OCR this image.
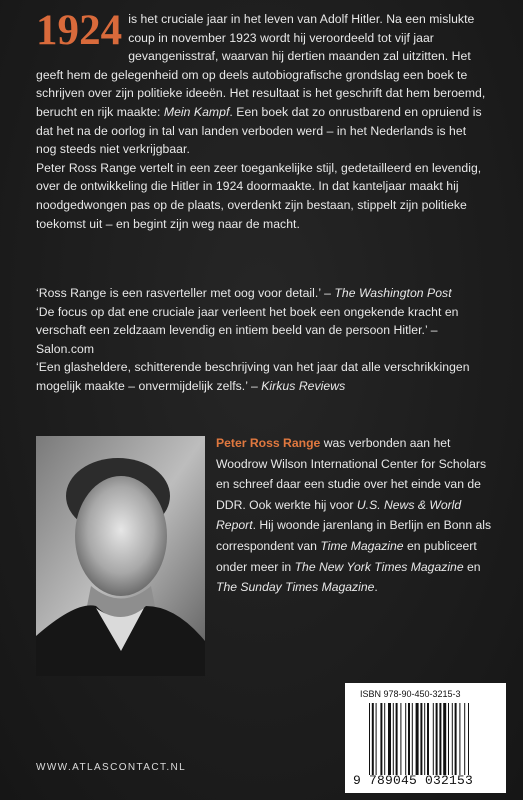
1924 is het cruciale jaar in het leven van Adolf Hitler. Na een mislukte coup in november 1923 wordt hij veroordeeld tot vijf jaar gevangenisstraf, waarvan hij dertien maanden zal uitzitten. Het geeft hem de gelegenheid om op deels autobiografische grondslag een boek te schrijven over zijn politieke ideeën. Het resultaat is het geschrift dat hem beroemd, berucht en rijk maakte: Mein Kampf. Een boek dat zo onrustbarend en opruiend is dat het na de oorlog in tal van landen verboden werd – in het Nederlands is het nog steeds niet verkrijgbaar.

Peter Ross Range vertelt in een zeer toegankelijke stijl, gedetailleerd en levendig, over de ontwikkeling die Hitler in 1924 doormaakte. In dat kanteljaar maakt hij noodgedwongen pas op de plaats, overdenkt zijn bestaan, stippelt zijn politieke toekomst uit – en begint zijn weg naar de macht.

‘Ross Range is een rasverteller met oog voor detail.’ – The Washington Post

‘De focus op dat ene cruciale jaar verleent het boek een ongekende kracht en verschaft een zeldzaam levendig en intiem beeld van de persoon Hitler.’ – Salon.com

‘Een glasheldere, schitterende beschrijving van het jaar dat alle verschrikkingen mogelijk maakte – onvermijdelijk zelfs.’ – Kirkus Reviews

Peter Ross Range was verbonden aan het Woodrow Wilson International Center for Scholars en schreef daar een studie over het einde van de DDR. Ook werkte hij voor U.S. News & World Report. Hij woonde jarenlang in Berlijn en Bonn als correspondent van Time Magazine en publiceert onder meer in The New York Times Magazine en The Sunday Times Magazine.

WWW.ATLASCONTACT.NL
ISBN 978-90-450-3215-3
9 789045 032153
